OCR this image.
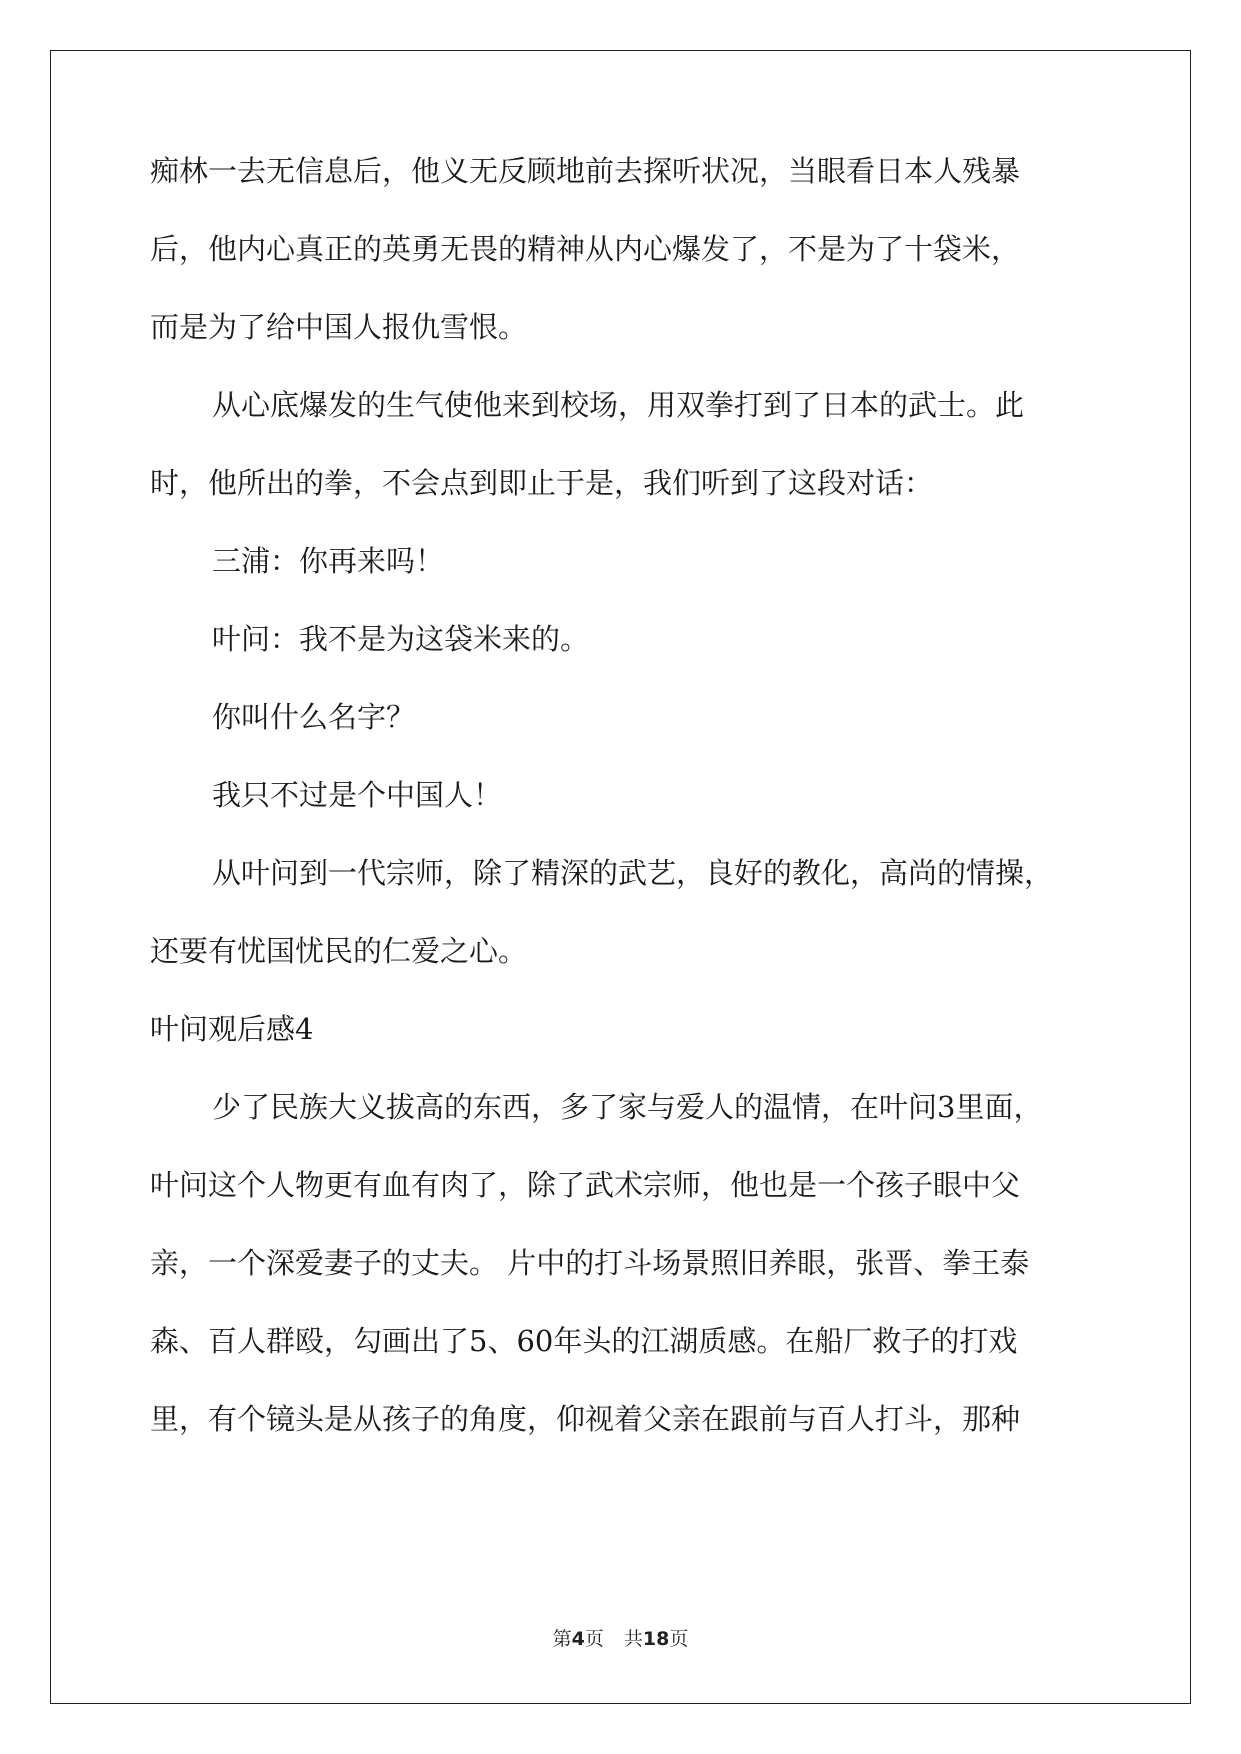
痴林一去无信息后，他义无反顾地前去探听状况，当眼看日本人残暴

后，他内心真正的英勇无畏的精神从内心爆发了，不是为了十袋米，

而是为了给中国人报仇雪恨。

从心底爆发的生气使他来到校场，用双拳打到了日本的武士。此

时，他所出的拳，不会点到即止于是，我们听到了这段对话：

三浦：你再来吗！

叶问：我不是为这袋米来的。

你叫什么名字？

我只不过是个中国人！

从叶问到一代宗师，除了精深的武艺，良好的教化，高尚的情操，

还要有忧国忧民的仁爱之心。

叶问观后感4

少了民族大义拔高的东西，多了家与爱人的温情，在叶问3里面，

叶问这个人物更有血有肉了，除了武术宗师，他也是一个孩子眼中父

亲，一个深爱妻子的丈夫。 片中的打斗场景照旧养眼，张晋、拳王泰

森、百人群殴，勾画出了5、60年头的江湖质感。在船厂救子的打戏

里，有个镜头是从孩子的角度，仰视着父亲在跟前与百人打斗，那种

第4页 共18页
